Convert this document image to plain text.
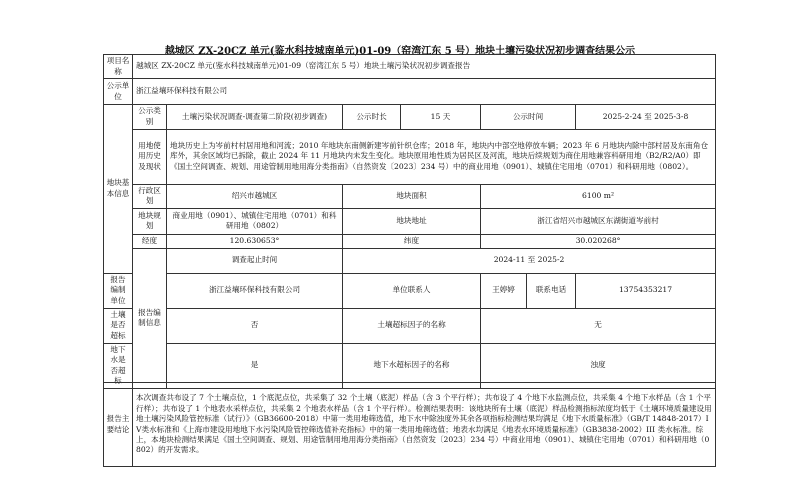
越城区 ZX-20CZ 单元(鉴水科技城南单元)01-09（窑湾江东 5 号）地块土壤污染状况初步调查结果公示
项目名称	越城区 ZX-20CZ 单元(鉴水科技城南单元)01-09（窑湾江东 5 号）地块土壤污染状况初步调查报告						
公示单位	浙江益壤环保科技有限公司						
地块基本信息	公示类别	土壤污染状况调查-调查第二阶段(初步调查)	公示时长	15 天	公示时间		2025-2-24 至 2025-3-8
	用地使用历史及现状	地块历史上为岑前村村居用地和河流；2010 年地块东南侧新建岑前针织仓库；2018 年，地块内中部空地停放车辆；2023 年 6 月地块内除中部村居及东南角仓库外，其余区域均已拆除，截止 2024 年 11 月地块内未发生变化。地块原用地性质为居民区及河流，地块后续规划为商住用地兼容科研用地（B2/R2/A0）即《国土空间调查、规划、用途管制用地用海分类指南》（自然资发〔2023〕234 号）中的商业用地（0901）、城镇住宅用地（0701）和科研用地（0802）。					
	行政区划	绍兴市越城区	地块面积		6100 m²		
	地块规划	商业用地（0901）、城镇住宅用地（0701）和科研用地（0802）	地块地址		浙江省绍兴市越城区东湖街道岑前村		
	经度	120.630653°	纬度		30.020268°		
	报告编制信息	调查起止时间	2024-11 至 2025-2				
报告编制单位		浙江益壤环保科技有限公司	单位联系人		王婷婷	联系电话	13754353217
土壤是否超标		否	土壤超标因子的名称		无		
地下水是否超标		是	地下水超标因子的名称		浊度		
报告主要结论	本次调查共布设了 7 个土壤点位，1 个底泥点位，共采集了 32 个土壤（底泥）样品（含 3 个平行样）；共布设了 4 个地下水监测点位，共采集 4 个地下水样品（含 1 个平行样）；共布设了 1 个地表水采样点位，共采集 2 个地表水样品（含 1 个平行样）。检测结果表明：该地块所有土壤（底泥）样品检测指标浓度均低于《土壤环境质量建设用地土壤污染风险管控标准（试行）》（GB36600-2018）中第一类用地筛选值，地下水中除浊度外其余各项指标检测结果均满足《地下水质量标准》（GB/T 14848-2017）IV类水标准和《上海市建设用地地下水污染风险管控筛选值补充指标》中的第一类用地筛选值；地表水均满足《地表水环境质量标准》（GB3838-2002）III 类水标准。综上，本地块检测结果满足《国土空间调查、规划、用途管制用地用海分类指南》（自然资发〔2023〕234 号）中商业用地（0901）、城镇住宅用地（0701）和科研用地（0802）的开发需求。
